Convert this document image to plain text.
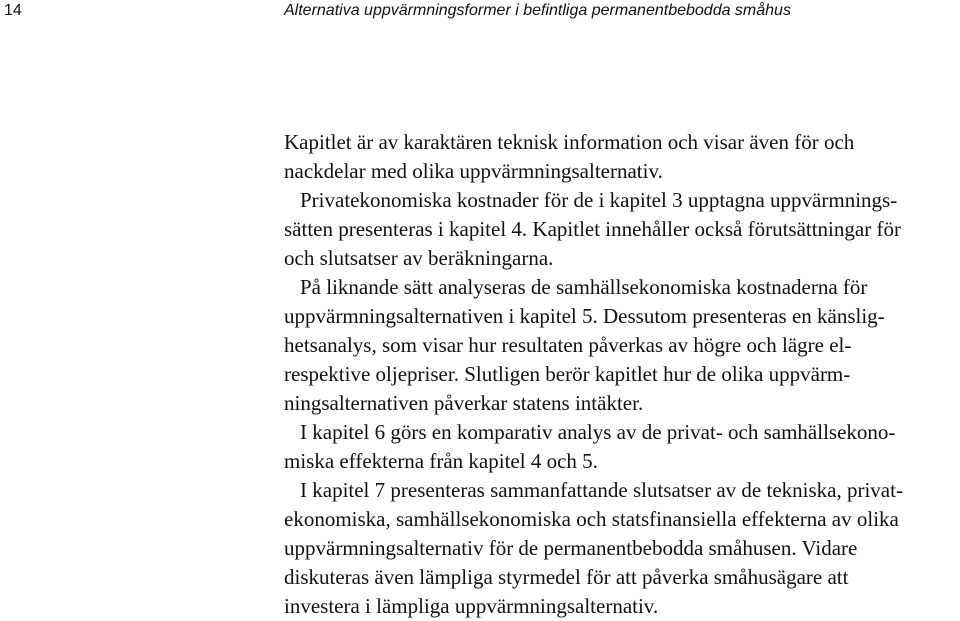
14	Alternativa uppvärmningsformer i befintliga permanentbebodda småhus

Kapitlet är av karaktären teknisk information och visar även för och
nackdelar med olika uppvärmningsalternativ.

Privatekonomiska kostnader för de i kapitel 3 upptagna uppvärmnings-
sätten presenteras i kapitel 4. Kapitlet innehåller också förutsättningar för
och slutsatser av beräkningarna.

På liknande sätt analyseras de samhällsekonomiska kostnaderna för
uppvärmningsalternativen i kapitel 5. Dessutom presenteras en känslig-
hetsanalys, som visar hur resultaten påverkas av högre och lägre el-
respektive oljepriser. Slutligen berör kapitlet hur de olika uppvärm-
ningsalternativen påverkar statens intäkter.

I kapitel 6 görs en komparativ analys av de privat- och samhällsekono-
miska effekterna från kapitel 4 och 5.

I kapitel 7 presenteras sammanfattande slutsatser av de tekniska, privat-
ekonomiska, samhällsekonomiska och statsfinansiella effekterna av olika
uppvärmningsalternativ för de permanentbebodda småhusen. Vidare
diskuteras även lämpliga styrmedel för att påverka småhusägare att
investera i lämpliga uppvärmningsalternativ.
